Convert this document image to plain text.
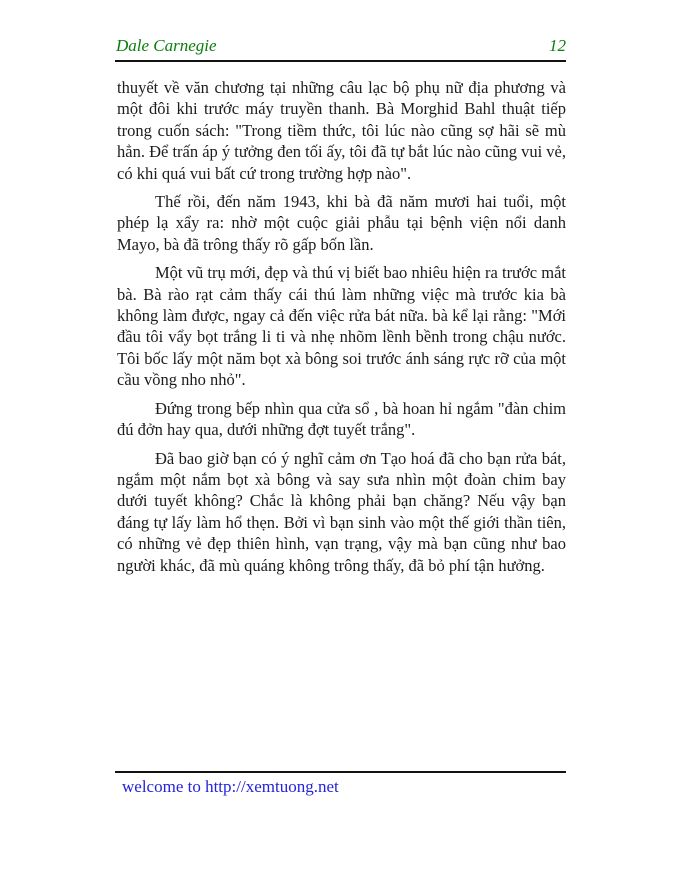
Dale Carnegie	12

thuyết về văn chương tại những câu lạc bộ phụ nữ địa phương và một đôi khi trước máy truyền thanh. Bà Morghid Bahl thuật tiếp trong cuốn sách: "Trong tiềm thức, tôi lúc nào cũng sợ hãi sẽ mù hẳn. Để trấn áp ý tưởng đen tối ấy, tôi đã tự bắt lúc nào cũng vui vẻ, có khi quá vui bất cứ trong trường hợp nào".

Thế rồi, đến năm 1943, khi bà đã năm mươi hai tuổi, một phép lạ xẩy ra: nhờ một cuộc giải phẫu tại bệnh viện nổi danh Mayo, bà đã trông thấy rõ gấp bốn lần.

Một vũ trụ mới, đẹp và thú vị biết bao nhiêu hiện ra trước mắt bà. Bà rào rạt cảm thấy cái thú làm những việc mà trước kia bà không làm được, ngay cả đến việc rửa bát nữa. bà kể lại rằng: "Mới đầu tôi vẩy bọt trắng li ti và nhẹ nhõm lềnh bềnh trong chậu nước. Tôi bốc lấy một năm bọt xà bông soi trước ánh sáng rực rỡ của một cầu vồng nho nhỏ".

Đứng trong bếp nhìn qua cửa sổ , bà hoan hỉ ngắm "đàn chim đú đởn hay qua, dưới những đợt tuyết trắng".

Đã bao giờ bạn có ý nghĩ cảm ơn Tạo hoá đã cho bạn rửa bát, ngắm một nắm bọt xà bông và say sưa nhìn một đoàn chim bay dưới tuyết không? Chắc là không phải bạn chăng? Nếu vậy bạn đáng tự lấy làm hổ thẹn. Bởi vì bạn sinh vào một thế giới thần tiên, có những vẻ đẹp thiên hình, vạn trạng, vậy mà bạn cũng như bao người khác, đã mù quáng không trông thấy, đã bỏ phí tận hưởng.

welcome to http://xemtuong.net
